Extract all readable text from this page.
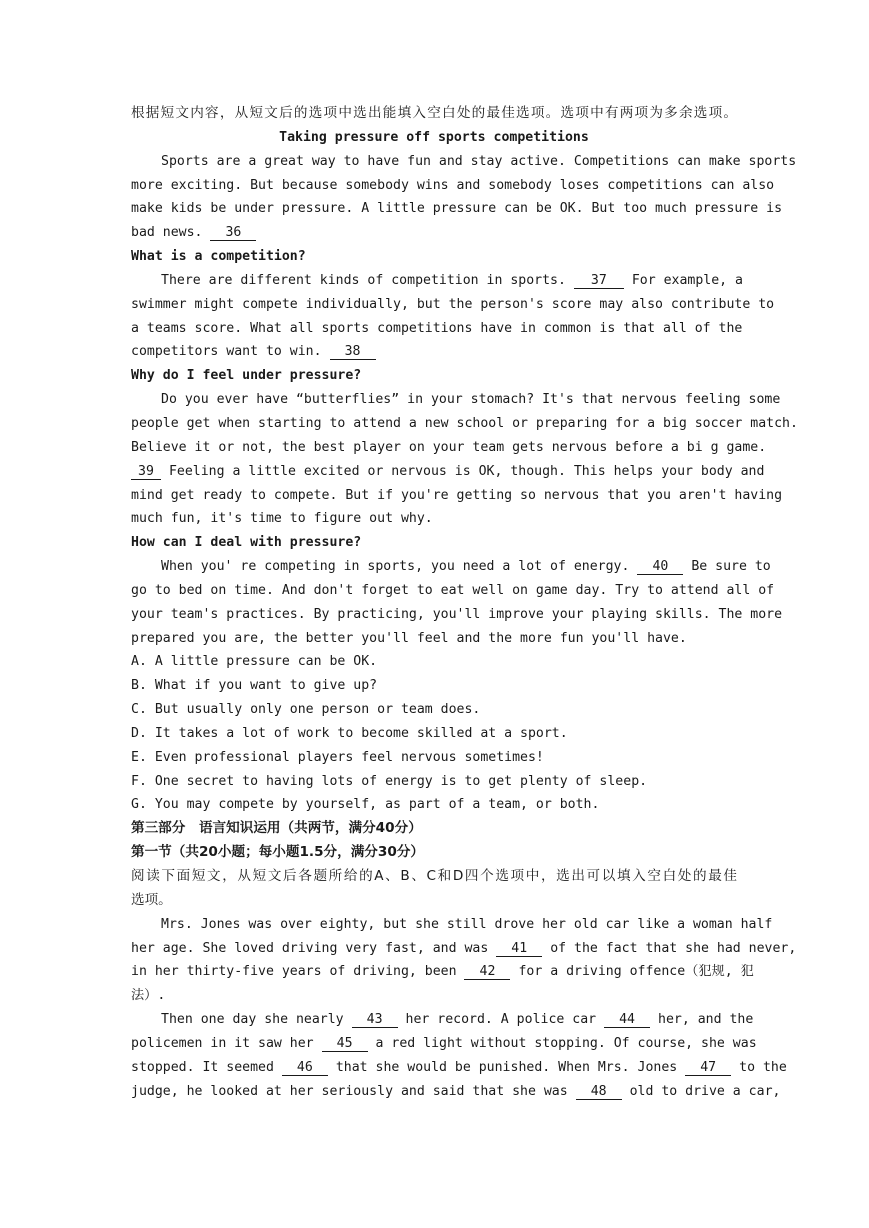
根据短文内容，从短文后的选项中选出能填入空白处的最佳选项。选项中有两项为多余选项。
Taking pressure off sports competitions
Sports are a great way to have fun and stay active. Competitions can make sports
more exciting. But because somebody wins and somebody loses competitions can also
make kids be under pressure. A little pressure can be OK. But too much pressure is
bad news. 36
What is a competition?
There are different kinds of competition in sports. 37 For example, a
swimmer might compete individually, but the person's score may also contribute to
a teams score. What all sports competitions have in common is that all of the
competitors want to win. 38
Why do I feel under pressure?
Do you ever have “butterflies” in your stomach? It's that nervous feeling some
people get when starting to attend a new school or preparing for a big soccer match.
Believe it or not, the best player on your team gets nervous before a bi g game.
39 Feeling a little excited or nervous is OK, though. This helps your body and
mind get ready to compete. But if you're getting so nervous that you aren't having
much fun, it's time to figure out why.
How can I deal with pressure?
When you' re competing in sports, you need a lot of energy. 40 Be sure to
go to bed on time. And don't forget to eat well on game day. Try to attend all of
your team's practices. By practicing, you'll improve your playing skills. The more
prepared you are, the better you'll feel and the more fun you'll have.
A. A little pressure can be OK.
B. What if you want to give up?
C. But usually only one person or team does.
D. It takes a lot of work to become skilled at a sport.
E. Even professional players feel nervous sometimes!
F. One secret to having lots of energy is to get plenty of sleep.
G. You may compete by yourself, as part of a team, or both.
第三部分　语言知识运用（共两节，满分40分）
第一节（共20小题；每小题1.5分，满分30分）
阅读下面短文，从短文后各题所给的A、B、C和D四个选项中，选出可以填入空白处的最佳
选项。
Mrs. Jones was over eighty, but she still drove her old car like a woman half
her age. She loved driving very fast, and was 41 of the fact that she had never,
in her thirty-five years of driving, been 42 for a driving offence（犯规, 犯
法）.
Then one day she nearly 43 her record. A police car 44 her, and the
policemen in it saw her 45 a red light without stopping. Of course, she was
stopped. It seemed 46 that she would be punished. When Mrs. Jones 47 to the
judge, he looked at her seriously and said that she was 48 old to drive a car,
